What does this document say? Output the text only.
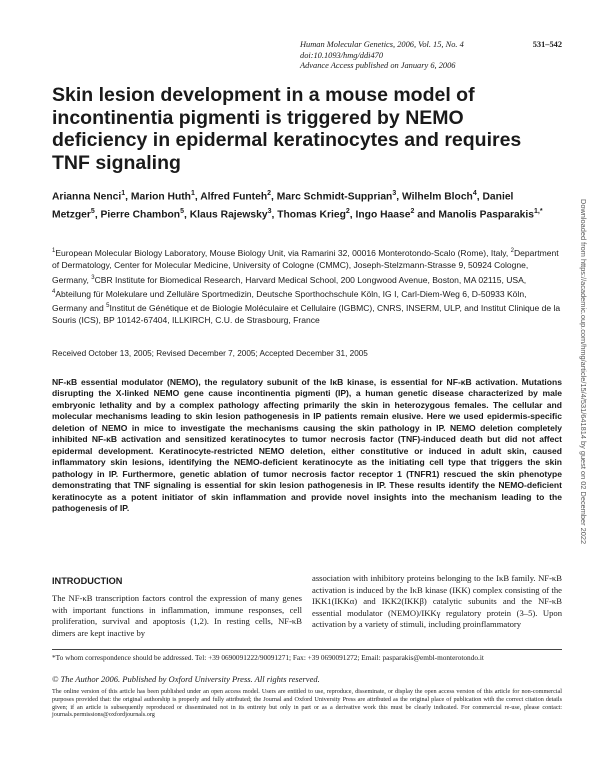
Human Molecular Genetics, 2006, Vol. 15, No. 4	531–542
doi:10.1093/hmg/ddi470
Advance Access published on January 6, 2006
Skin lesion development in a mouse model of incontinentia pigmenti is triggered by NEMO deficiency in epidermal keratinocytes and requires TNF signaling
Arianna Nenci$^1$, Marion Huth$^1$, Alfred Funteh$^2$, Marc Schmidt-Supprian$^3$, Wilhelm Bloch$^4$, Daniel Metzger$^5$, Pierre Chambon$^5$, Klaus Rajewsky$^3$, Thomas Krieg$^2$, Ingo Haase$^2$ and Manolis Pasparakis$^{1,*}$
$^1$European Molecular Biology Laboratory, Mouse Biology Unit, via Ramarini 32, 00016 Monterotondo-Scalo (Rome), Italy, $^2$Department of Dermatology, Center for Molecular Medicine, University of Cologne (CMMC), Joseph-Stelzmann-Strasse 9, 50924 Cologne, Germany, $^3$CBR Institute for Biomedical Research, Harvard Medical School, 200 Longwood Avenue, Boston, MA 02115, USA, $^4$Abteilung für Molekulare und Zelluläre Sportmedizin, Deutsche Sporthochschule Köln, IG I, Carl-Diem-Weg 6, D-50933 Köln, Germany and $^5$Institut de Génétique et de Biologie Moléculaire et Cellulaire (IGBMC), CNRS, INSERM, ULP, and Institut Clinique de la Souris (ICS), BP 10142-67404, ILLKIRCH, C.U. de Strasbourg, France
Received October 13, 2005; Revised December 7, 2005; Accepted December 31, 2005
NF-κB essential modulator (NEMO), the regulatory subunit of the IκB kinase, is essential for NF-κB activation. Mutations disrupting the X-linked NEMO gene cause incontinentia pigmenti (IP), a human genetic disease characterized by male embryonic lethality and by a complex pathology affecting primarily the skin in heterozygous females. The cellular and molecular mechanisms leading to skin lesion pathogenesis in IP patients remain elusive. Here we used epidermis-specific deletion of NEMO in mice to investigate the mechanisms causing the skin pathology in IP. NEMO deletion completely inhibited NF-κB activation and sensitized keratinocytes to tumor necrosis factor (TNF)-induced death but did not affect epidermal development. Keratinocyte-restricted NEMO deletion, either constitutive or induced in adult skin, caused inflammatory skin lesions, identifying the NEMO-deficient keratinocyte as the initiating cell type that triggers the skin pathology in IP. Furthermore, genetic ablation of tumor necrosis factor receptor 1 (TNFR1) rescued the skin phenotype demonstrating that TNF signaling is essential for skin lesion pathogenesis in IP. These results identify the NEMO-deficient keratinocyte as a potent initiator of skin inflammation and provide novel insights into the mechanism leading to the pathogenesis of IP.
INTRODUCTION
The NF-κB transcription factors control the expression of many genes with important functions in inflammation, immune responses, cell proliferation, survival and apoptosis (1,2). In resting cells, NF-κB dimers are kept inactive by
association with inhibitory proteins belonging to the IκB family. NF-κB activation is induced by the IκB kinase (IKK) complex consisting of the IKK1(IKKα) and IKK2(IKKβ) catalytic subunits and the NF-κB essential modulator (NEMO)/IKKγ regulatory protein (3–5). Upon activation by a variety of stimuli, including proinflammatory
*To whom correspondence should be addressed. Tel: +39 0690091222/90091271; Fax: +39 0690091272; Email: pasparakis@embl-monterotondo.it
© The Author 2006. Published by Oxford University Press. All rights reserved.
The online version of this article has been published under an open access model. Users are entitled to use, reproduce, disseminate, or display the open access version of this article for non-commercial purposes provided that: the original authorship is properly and fully attributed; the Journal and Oxford University Press are attributed as the original place of publication with the correct citation details given; if an article is subsequently reproduced or disseminated not in its entirety but only in part or as a derivative work this must be clearly indicated. For commercial re-use, please contact: journals.permissions@oxfordjournals.org
Downloaded from https://academic.oup.com/hmg/article/15/4/531/641814 by guest on 02 December 2022
